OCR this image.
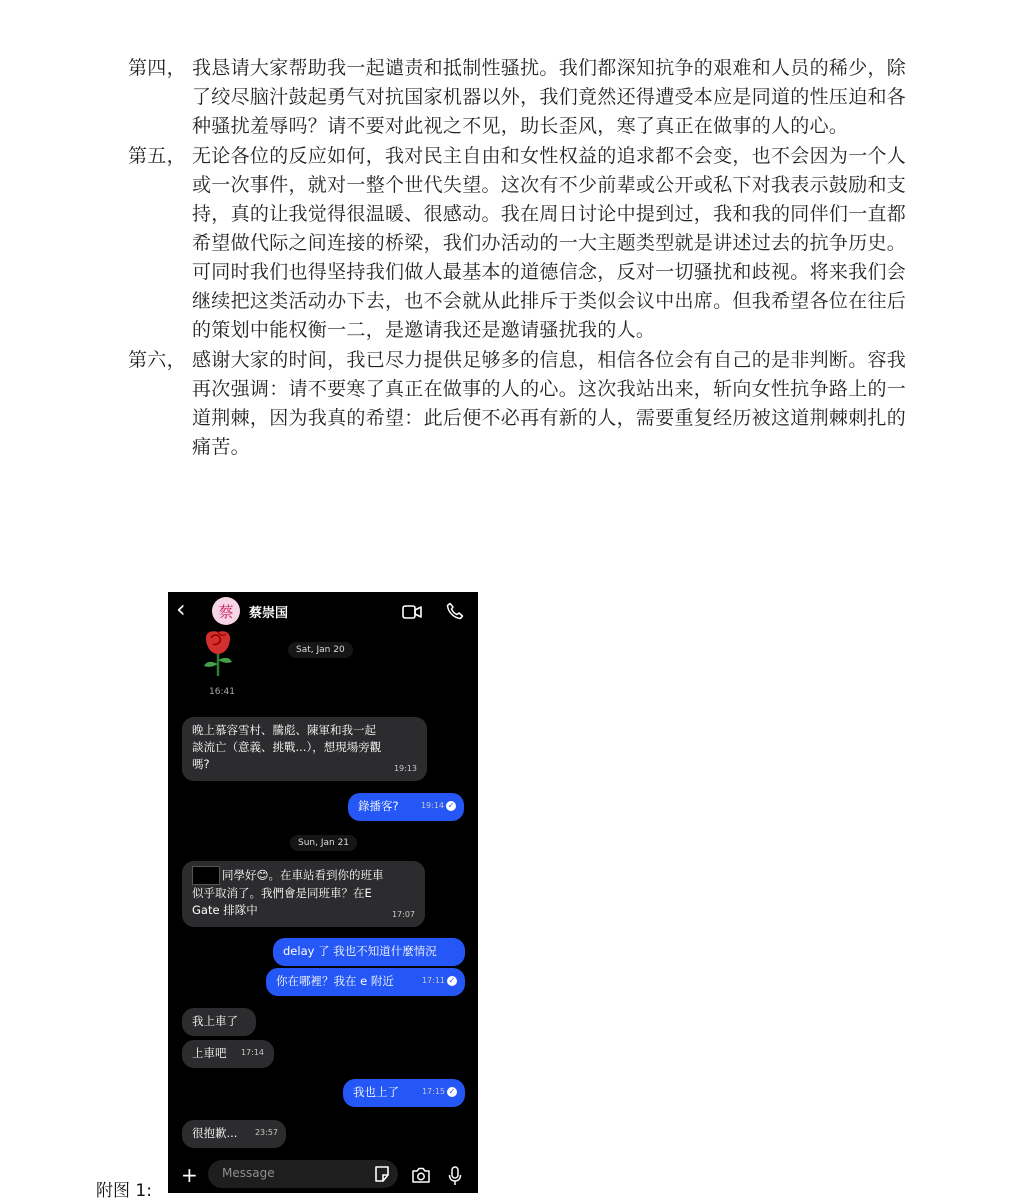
第四， 我恳请大家帮助我一起谴责和抵制性骚扰。我们都深知抗争的艰难和人员的稀少，除了绞尽脑汁鼓起勇气对抗国家机器以外，我们竟然还得遭受本应是同道的性压迫和各种骚扰羞辱吗？请不要对此视之不见，助长歪风，寒了真正在做事的人的心。
第五， 无论各位的反应如何，我对民主自由和女性权益的追求都不会变，也不会因为一个人或一次事件，就对一整个世代失望。这次有不少前辈或公开或私下对我表示鼓励和支持，真的让我觉得很温暖、很感动。我在周日讨论中提到过，我和我的同伴们一直都希望做代际之间连接的桥梁，我们办活动的一大主题类型就是讲述过去的抗争历史。可同时我们也得坚持我们做人最基本的道德信念，反对一切骚扰和歧视。将来我们会继续把这类活动办下去，也不会就从此排斥于类似会议中出席。但我希望各位在往后的策划中能权衡一二，是邀请我还是邀请骚扰我的人。
第六， 感谢大家的时间，我已尽力提供足够多的信息，相信各位会有自己的是非判断。容我再次强调：请不要寒了真正在做事的人的心。这次我站出来，斩向女性抗争路上的一道荆棘，因为我真的希望：此后便不必再有新的人，需要重复经历被这道荆棘刺扎的痛苦。
附图 1:
‹	蔡	蔡崇国
Sat, Jan 20
16:41
晚上慕容雪村、騰彪、陳軍和我一起
談流亡（意義、挑戰...），想現場旁觀
嗎?	19:13
錄播客?	19:14 ✓
Sun, Jan 21
同學好😊。在車站看到你的班車
似乎取消了。我們會是同班車？在E
Gate 排隊中	17:07
delay 了 我也不知道什麼情況
你在哪裡？我在 e 附近	17:11 ✓
我上車了
上車吧 17:14
我也上了	17:15 ✓
很抱歉... 23:57
+ Message
